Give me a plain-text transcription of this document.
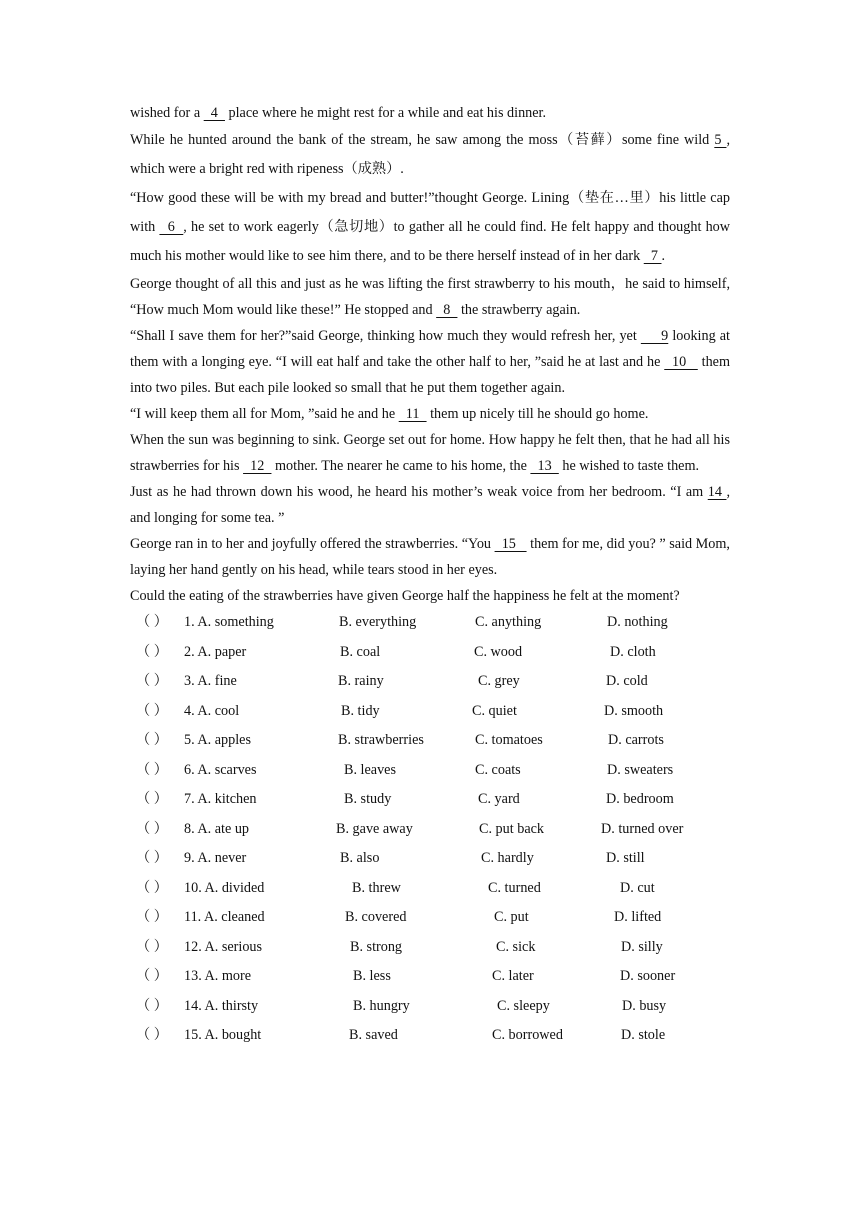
wished for a   4   place where he might rest for a while and eat his dinner.

While he hunted around the bank of the stream, he saw among the moss（苔藓）some fine wild 5 , which were a bright red with ripeness（成熟）.

“How good these will be with my bread and butter!”thought George. Lining（垫在…里）his little cap with   6  , he set to work eagerly（急切地）to gather all he could find. He felt happy and thought how much his mother would like to see him there, and to be there herself instead of in her dark   7 .

George thought of all this and just as he was lifting the first strawberry to his mouth，he said to himself, “How much Mom would like these!” He stopped and   8   the strawberry again.

“Shall I save them for her?”said George, thinking how much they would refresh her, yet      9 looking at them with a longing eye. “I will eat half and take the other half to her, ”said he at last and he   10    them into two piles. But each pile looked so small that he put them together again.

“I will keep them all for Mom, ”said he and he   11   them up nicely till he should go home.

When the sun was beginning to sink. George set out for home. How happy he felt then, that he had all his strawberries for his   12   mother. The nearer he came to his home, the   13   he wished to taste them.

Just as he had thrown down his wood, he heard his mother’s weak voice from her bedroom. “I am 14 , and longing for some tea. ”

George ran in to her and joyfully offered the strawberries. “You   15    them for me, did you? ” said Mom, laying her hand gently on his head, while tears stood in her eyes.

Could the eating of the strawberries have given George half the happiness he felt at the moment?

（ ） 1. A. something	B. everything	C. anything	D. nothing
（ ） 2. A. paper	B. coal	C. wood	D. cloth
（ ） 3. A. fine	B. rainy	C. grey	D. cold
（ ） 4. A. cool	B. tidy	C. quiet	D. smooth
（ ） 5. A. apples	B. strawberries	C. tomatoes	D. carrots
（ ） 6. A. scarves	B. leaves	C. coats	D. sweaters
（ ） 7. A. kitchen	B. study	C. yard	D. bedroom
（ ） 8. A. ate up	B. gave away	C. put back	D. turned over
（ ） 9. A. never	B. also	C. hardly	D. still
（ ） 10. A. divided	B. threw	C. turned	D. cut
（ ） 11. A. cleaned	B. covered	C. put	D. lifted
（ ） 12. A. serious	B. strong	C. sick	D. silly
（ ） 13. A. more	B. less	C. later	D. sooner
（ ） 14. A. thirsty	B. hungry	C. sleepy	D. busy
（ ） 15. A. bought	B. saved	C. borrowed	D. stole
